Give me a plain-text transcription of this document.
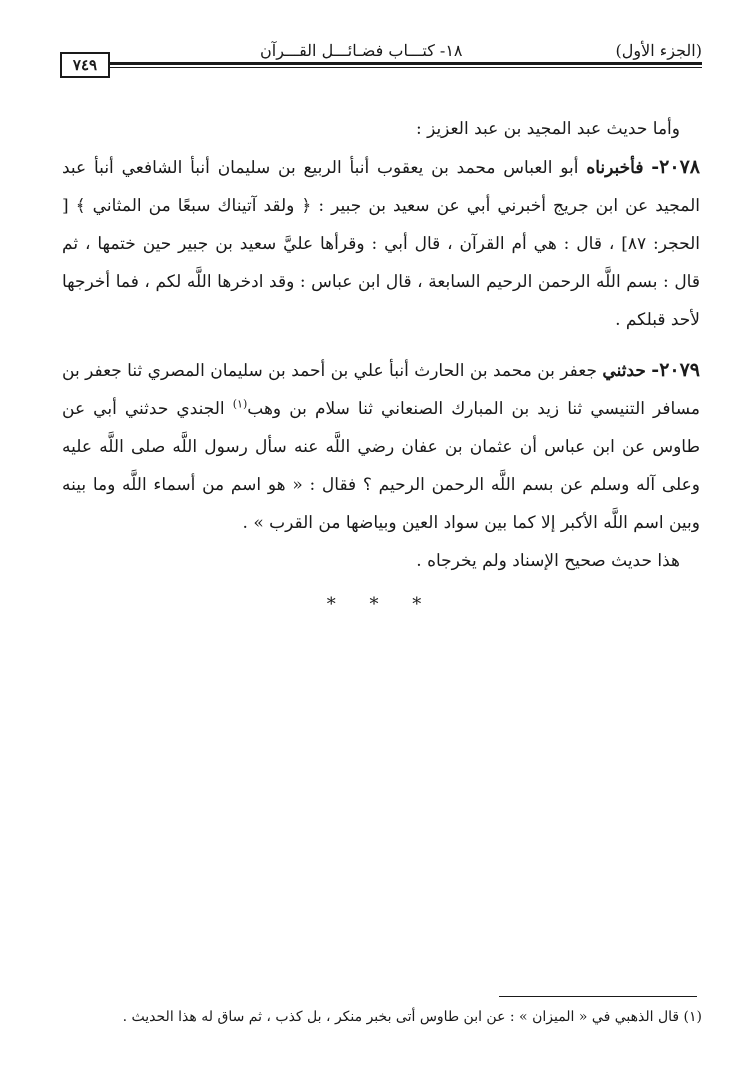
٧٤٩
١٨- كتـــاب فضـائـــل القـــرآن	(الجزء الأول)

وأما حديث عبد المجيد بن عبد العزيز :

٢٠٧٨- فأخبرناه أبو العباس محمد بن يعقوب أنبأ الربيع بن سليمان أنبأ الشافعي أنبأ عبد المجيد عن ابن جريج أخبرني أبي عن سعيد بن جبير : ﴿ ولقد آتيناك سبعًا من المثاني ﴾ [ الحجر: ٨٧] ، قال : هي أم القرآن ، قال أبي : وقرأها عليَّ سعيد بن جبير حين ختمها ، ثم قال : بسم اللَّه الرحمن الرحيم السابعة ، قال ابن عباس : وقد ادخرها اللَّه لكم ، فما أخرجها لأحد قبلكم .

٢٠٧٩- حدثني جعفر بن محمد بن الحارث أنبأ علي بن أحمد بن سليمان المصري ثنا جعفر بن مسافر التنيسي ثنا زيد بن المبارك الصنعاني ثنا سلام بن وهب$^{(١)}$ الجندي حدثني أبي عن طاوس عن ابن عباس أن عثمان بن عفان رضي اللَّه عنه سأل رسول اللَّه صلى اللَّه عليه وعلى آله وسلم عن بسم اللَّه الرحمن الرحيم ؟ فقال : « هو اسم من أسماء اللَّه وما بينه وبين اسم اللَّه الأكبر إلا كما بين سواد العين وبياضها من القرب » .

هذا حديث صحيح الإسناد ولم يخرجاه .

* * *
(١) قال الذهبي في « الميزان » : عن ابن طاوس أتى بخبر منكر ، بل كذب ، ثم ساق له هذا الحديث .
